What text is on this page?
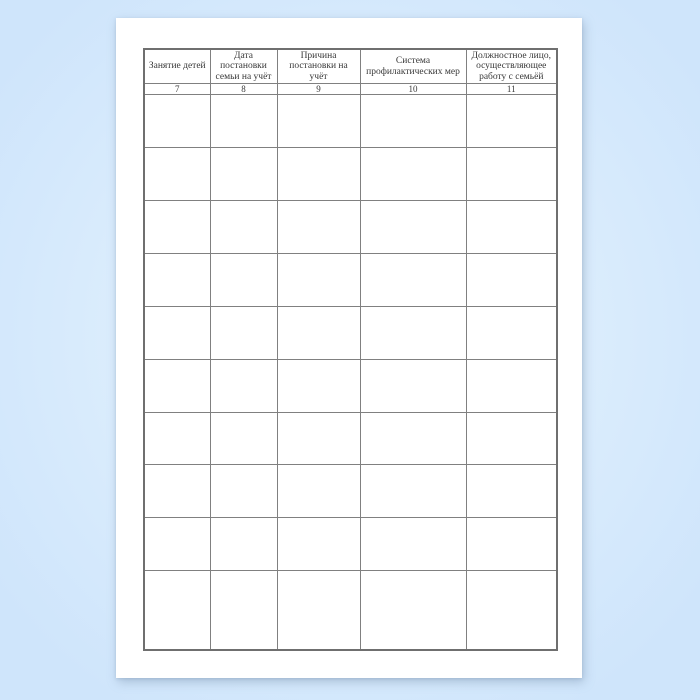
Занятие детей	Дата постановки семьи на учёт	Причина постановки на учёт	Система профилактических мер	Должностное лицо, осуществляющее работу с семьёй
7	8	9	10	11
